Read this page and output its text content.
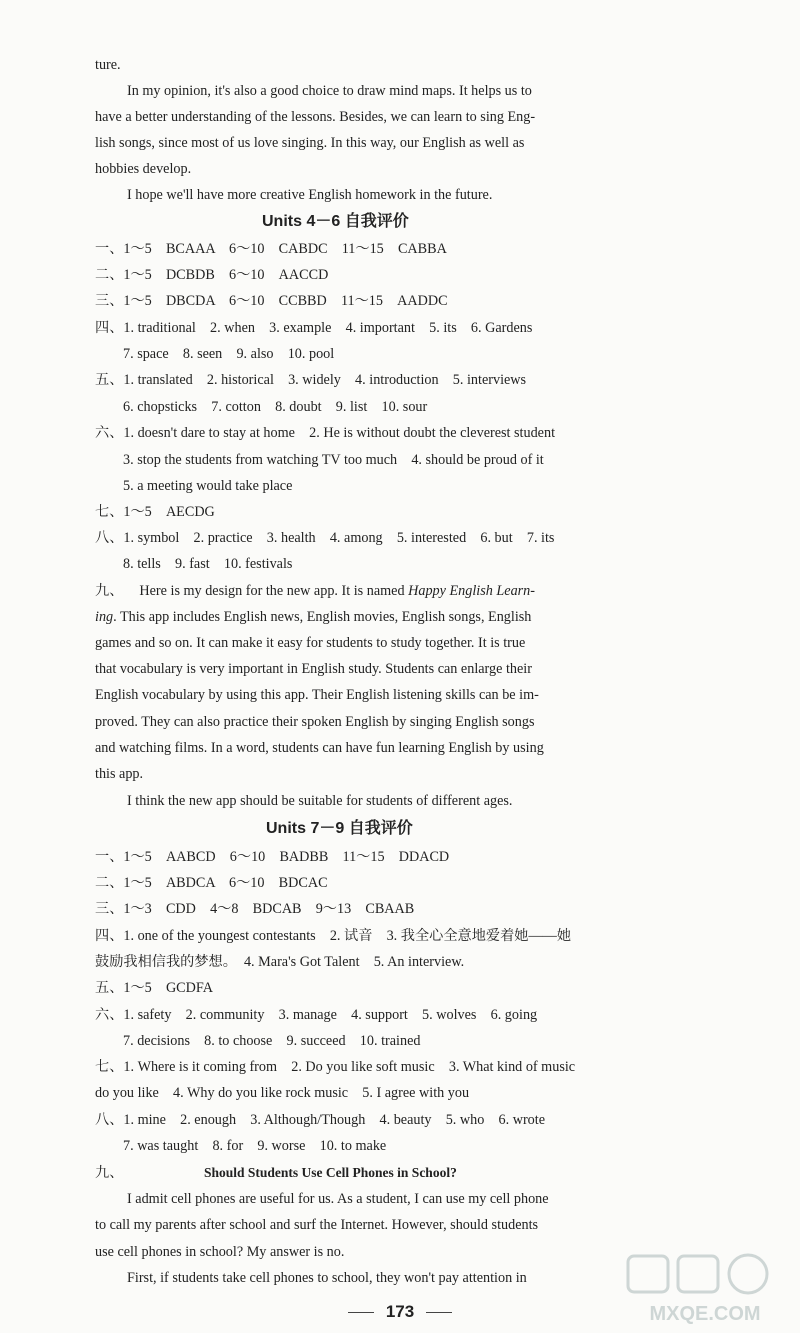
ture.
In my opinion, it's also a good choice to draw mind maps. It helps us to
have a better understanding of the lessons. Besides, we can learn to sing Eng-
lish songs, since most of us love singing. In this way, our English as well as
hobbies develop.
I hope we'll have more creative English homework in the future.
Units 4－6 自我评价
一、1～5　BCAAA　6～10　CABDC　11～15　CABBA
二、1～5　DCBDB　6～10　AACCD
三、1～5　DBCDA　6～10　CCBBD　11～15　AADDC
四、1. traditional　2. when　3. example　4. important　5. its　6. Gardens
7. space　8. seen　9. also　10. pool
五、1. translated　2. historical　3. widely　4. introduction　5. interviews
6. chopsticks　7. cotton　8. doubt　9. list　10. sour
六、1. doesn't dare to stay at home　2. He is without doubt the cleverest student
3. stop the students from watching TV too much　4. should be proud of it
5. a meeting would take place
七、1～5　AECDG
八、1. symbol　2. practice　3. health　4. among　5. interested　6. but　7. its
8. tells　9. fast　10. festivals
九、 Here is my design for the new app. It is named Happy English Learn-
ing. This app includes English news, English movies, English songs, English
games and so on. It can make it easy for students to study together. It is true
that vocabulary is very important in English study. Students can enlarge their
English vocabulary by using this app. Their English listening skills can be im-
proved. They can also practice their spoken English by singing English songs
and watching films. In a word, students can have fun learning English by using
this app.
I think the new app should be suitable for students of different ages.
Units 7－9 自我评价
一、1～5　AABCD　6～10　BADBB　11～15　DDACD
二、1～5　ABDCA　6～10　BDCAC
三、1～3　CDD　4～8　BDCAB　9～13　CBAAB
四、1. one of the youngest contestants　2. 试音　3. 我全心全意地爱着她——她
鼓励我相信我的梦想。　4. Mara's Got Talent　5. An interview.
五、1～5　GCDFA
六、1. safety　2. community　3. manage　4. support　5. wolves　6. going
7. decisions　8. to choose　9. succeed　10. trained
七、1. Where is it coming from　2. Do you like soft music　3. What kind of music
do you like　4. Why do you like rock music　5. I agree with you
八、1. mine　2. enough　3. Although/Though　4. beauty　5. who　6. wrote
7. was taught　8. for　9. worse　10. to make
九、	Should Students Use Cell Phones in School?
I admit cell phones are useful for us. As a student, I can use my cell phone
to call my parents after school and surf the Internet. However, should students
use cell phones in school? My answer is no.
First, if students take cell phones to school, they won't pay attention in
173	MXQE.COM
